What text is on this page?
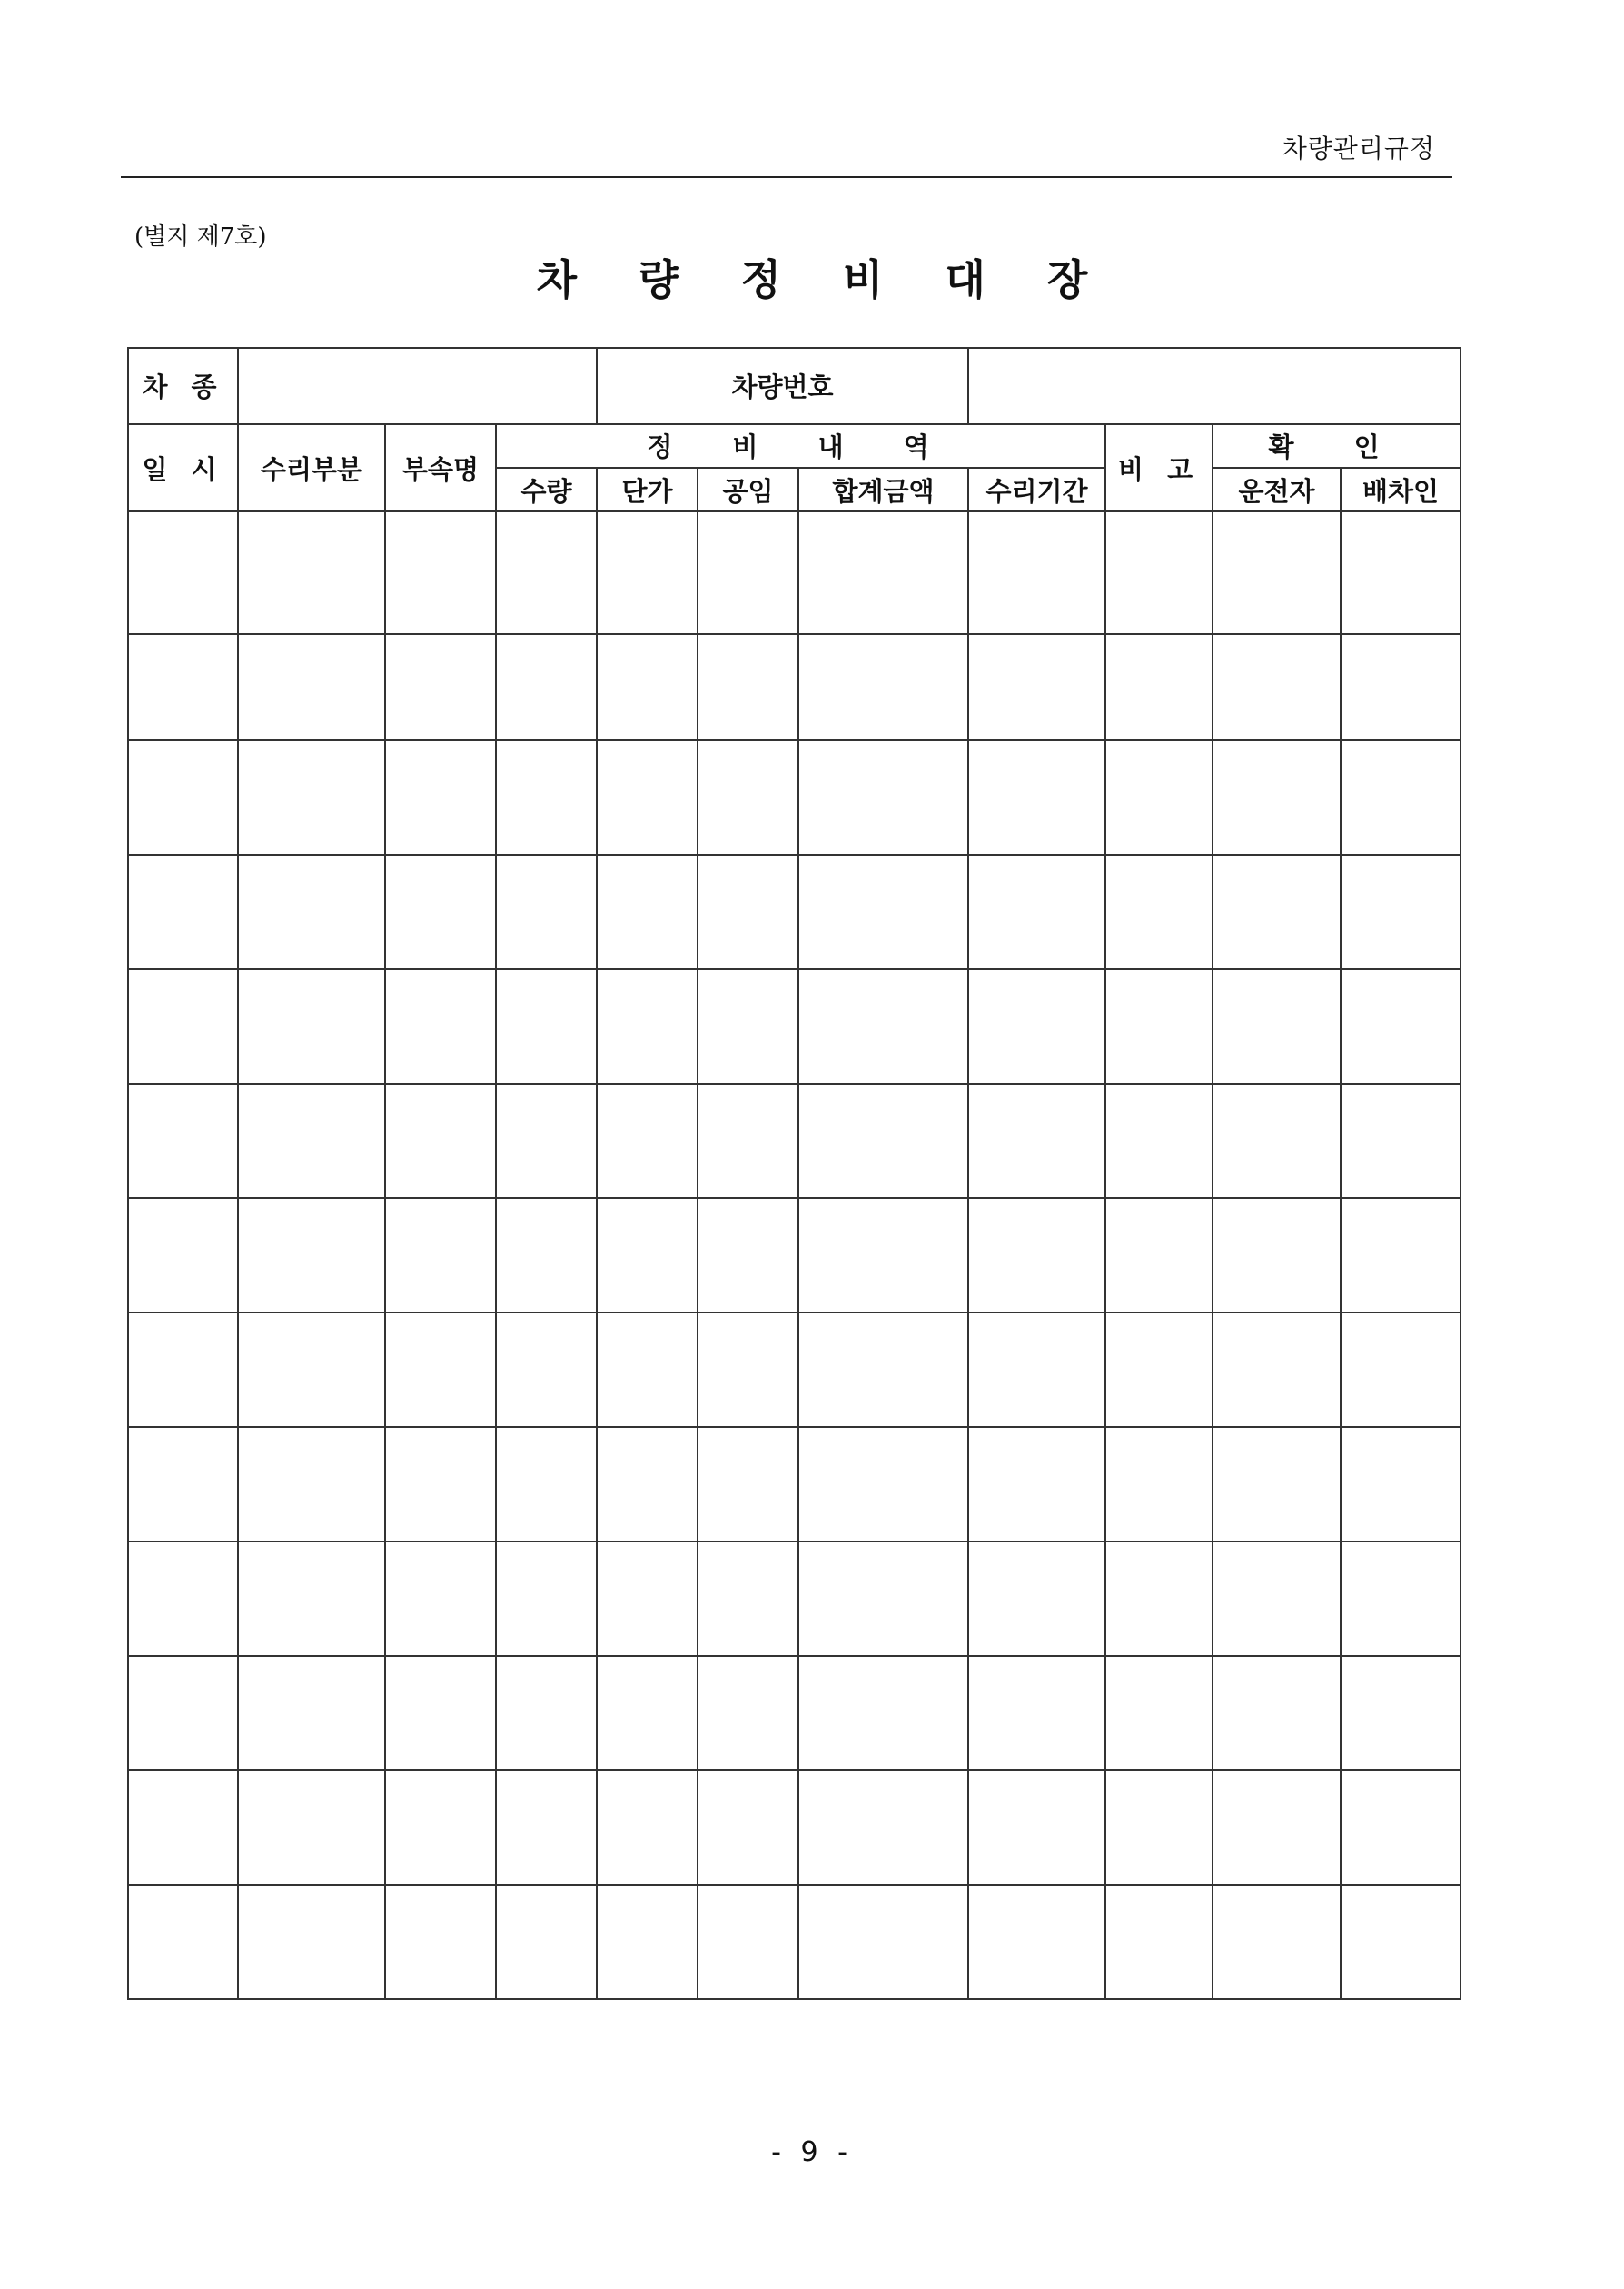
차량관리규정
(별지 제7호)
차 량 정 비 대 장
차 종				차량번호						
일 시	수리부분	부속명	정 비 내 역					비 고	확 인	
			수량	단가	공임	합계금액	수리기간		운전자	배차인

- 9 -
